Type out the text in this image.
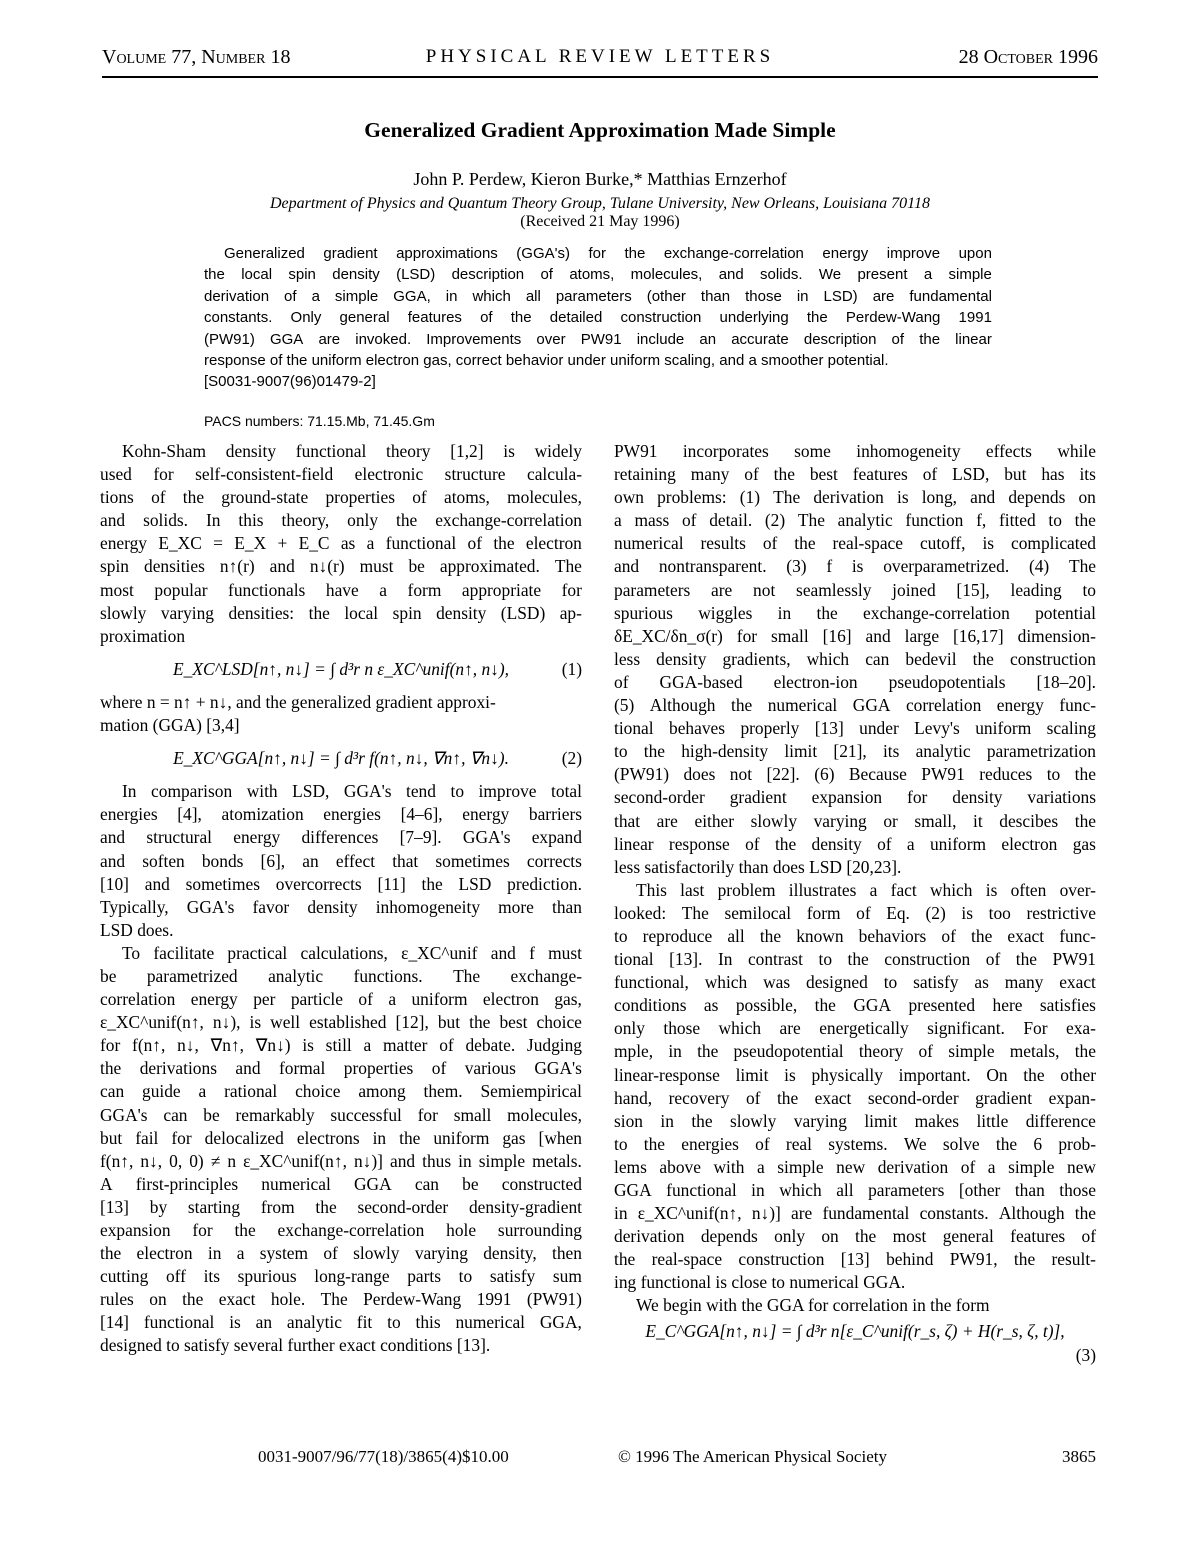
Volume 77, Number 18	PHYSICAL REVIEW LETTERS	28 October 1996
Generalized Gradient Approximation Made Simple
John P. Perdew, Kieron Burke,* Matthias Ernzerhof
Department of Physics and Quantum Theory Group, Tulane University, New Orleans, Louisiana 70118
(Received 21 May 1996)
Generalized gradient approximations (GGA's) for the exchange-correlation energy improve upon
the local spin density (LSD) description of atoms, molecules, and solids. We present a simple
derivation of a simple GGA, in which all parameters (other than those in LSD) are fundamental
constants. Only general features of the detailed construction underlying the Perdew-Wang 1991
(PW91) GGA are invoked. Improvements over PW91 include an accurate description of the linear
response of the uniform electron gas, correct behavior under uniform scaling, and a smoother potential.
[S0031-9007(96)01479-2]
PACS numbers: 71.15.Mb, 71.45.Gm
Kohn-Sham density functional theory [1,2] is widely
used for self-consistent-field electronic structure calcula-
tions of the ground-state properties of atoms, molecules,
and solids. In this theory, only the exchange-correlation
energy E_XC = E_X + E_C as a functional of the electron
spin densities n↑(r) and n↓(r) must be approximated. The
most popular functionals have a form appropriate for
slowly varying densities: the local spin density (LSD) ap-
proximation
E_XC^LSD[n↑, n↓] = ∫ d³r n ε_XC^unif(n↑, n↓),	(1)
where n = n↑ + n↓, and the generalized gradient approxi-
mation (GGA) [3,4]
E_XC^GGA[n↑, n↓] = ∫ d³r f(n↑, n↓, ∇n↑, ∇n↓).	(2)
In comparison with LSD, GGA's tend to improve total
energies [4], atomization energies [4–6], energy barriers
and structural energy differences [7–9]. GGA's expand
and soften bonds [6], an effect that sometimes corrects
[10] and sometimes overcorrects [11] the LSD prediction.
Typically, GGA's favor density inhomogeneity more than
LSD does.
To facilitate practical calculations, ε_XC^unif and f must
be parametrized analytic functions. The exchange-
correlation energy per particle of a uniform electron gas,
ε_XC^unif(n↑, n↓), is well established [12], but the best choice
for f(n↑, n↓, ∇n↑, ∇n↓) is still a matter of debate. Judging
the derivations and formal properties of various GGA's
can guide a rational choice among them. Semiempirical
GGA's can be remarkably successful for small molecules,
but fail for delocalized electrons in the uniform gas [when
f(n↑, n↓, 0, 0) ≠ n ε_XC^unif(n↑, n↓)] and thus in simple metals.
A first-principles numerical GGA can be constructed
[13] by starting from the second-order density-gradient
expansion for the exchange-correlation hole surrounding
the electron in a system of slowly varying density, then
cutting off its spurious long-range parts to satisfy sum
rules on the exact hole. The Perdew-Wang 1991 (PW91)
[14] functional is an analytic fit to this numerical GGA,
designed to satisfy several further exact conditions [13].
PW91 incorporates some inhomogeneity effects while
retaining many of the best features of LSD, but has its
own problems: (1) The derivation is long, and depends on
a mass of detail. (2) The analytic function f, fitted to the
numerical results of the real-space cutoff, is complicated
and nontransparent. (3) f is overparametrized. (4) The
parameters are not seamlessly joined [15], leading to
spurious wiggles in the exchange-correlation potential
δE_XC/δn_σ(r) for small [16] and large [16,17] dimension-
less density gradients, which can bedevil the construction
of GGA-based electron-ion pseudopotentials [18–20].
(5) Although the numerical GGA correlation energy func-
tional behaves properly [13] under Levy's uniform scaling
to the high-density limit [21], its analytic parametrization
(PW91) does not [22]. (6) Because PW91 reduces to the
second-order gradient expansion for density variations
that are either slowly varying or small, it descibes the
linear response of the density of a uniform electron gas
less satisfactorily than does LSD [20,23].
This last problem illustrates a fact which is often over-
looked: The semilocal form of Eq. (2) is too restrictive
to reproduce all the known behaviors of the exact func-
tional [13]. In contrast to the construction of the PW91
functional, which was designed to satisfy as many exact
conditions as possible, the GGA presented here satisfies
only those which are energetically significant. For exa-
mple, in the pseudopotential theory of simple metals, the
linear-response limit is physically important. On the other
hand, recovery of the exact second-order gradient expan-
sion in the slowly varying limit makes little difference
to the energies of real systems. We solve the 6 prob-
lems above with a simple new derivation of a simple new
GGA functional in which all parameters [other than those
in ε_XC^unif(n↑, n↓)] are fundamental constants. Although the
derivation depends only on the most general features of
the real-space construction [13] behind PW91, the result-
ing functional is close to numerical GGA.
We begin with the GGA for correlation in the form
E_C^GGA[n↑, n↓] = ∫ d³r n[ε_C^unif(r_s, ζ) + H(r_s, ζ, t)],
(3)
0031-9007/96/77(18)/3865(4)$10.00	© 1996 The American Physical Society	3865
